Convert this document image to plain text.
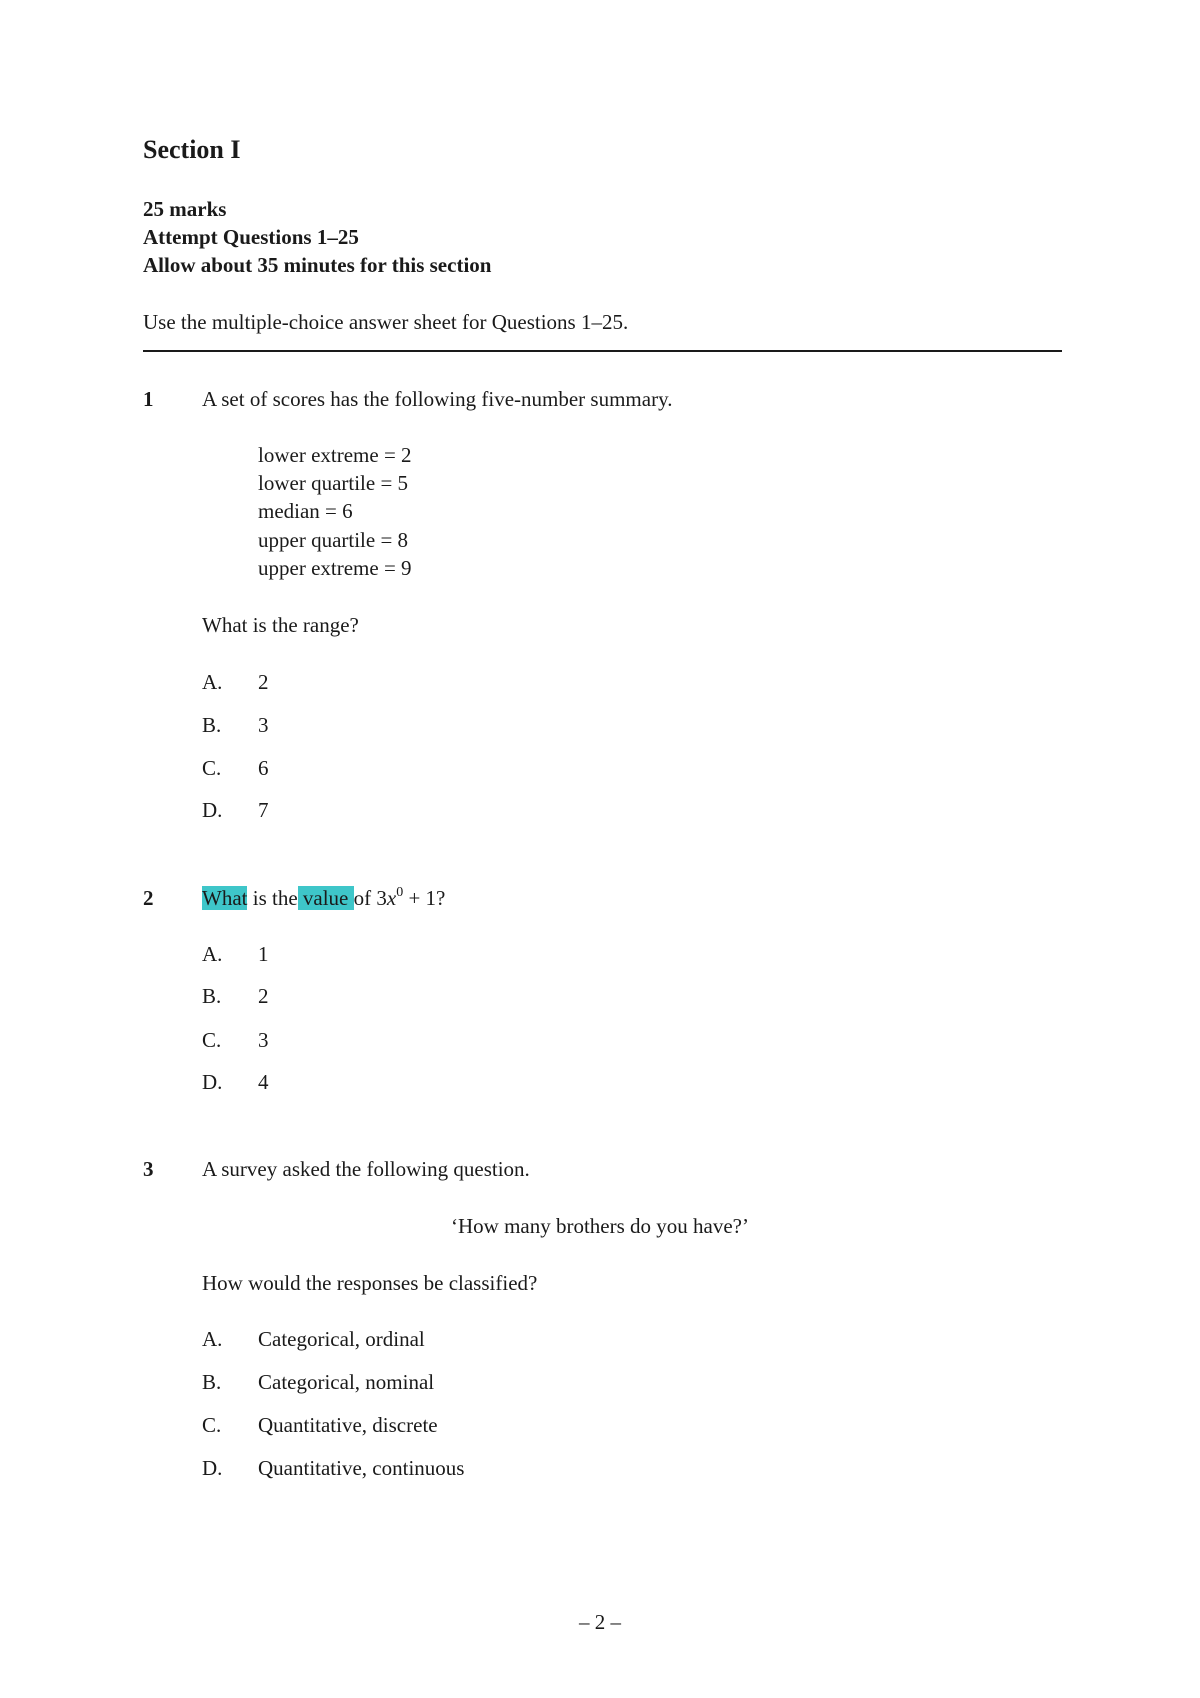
Section I
25 marks
Attempt Questions 1–25
Allow about 35 minutes for this section
Use the multiple-choice answer sheet for Questions 1–25.
1 A set of scores has the following five-number summary.
lower extreme = 2
lower quartile = 5
median = 6
upper quartile = 8
upper extreme = 9
What is the range?
A. 2
B. 3
C. 6
D. 7
2 What is the value of $3x^0 + 1$?
A. 1
B. 2
C. 3
D. 4
3 A survey asked the following question.
‘How many brothers do you have?’
How would the responses be classified?
A. Categorical, ordinal
B. Categorical, nominal
C. Quantitative, discrete
D. Quantitative, continuous
– 2 –
